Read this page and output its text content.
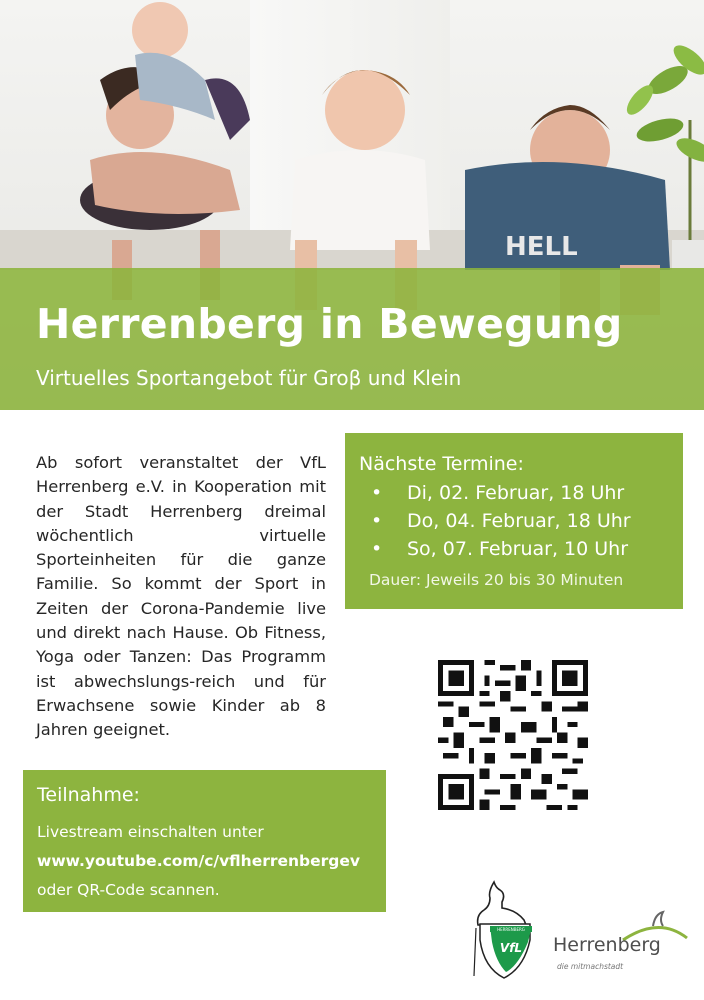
HELL
Herrenberg in Bewegung
Virtuelles Sportangebot für Groβ und Klein

Ab sofort veranstaltet der VfL Herrenberg e.V. in Kooperation mit der Stadt Herrenberg dreimal wöchentlich virtuelle Sporteinheiten für die ganze Familie. So kommt der Sport in Zeiten der Corona-Pandemie live und direkt nach Hause. Ob Fitness, Yoga oder Tanzen: Das Programm ist abwechslungs-reich und für Erwachsene sowie Kinder ab 8 Jahren geeignet.

Nächste Termine:
• Di, 02. Februar, 18 Uhr
• Do, 04. Februar, 18 Uhr
• So, 07. Februar, 10 Uhr
Dauer: Jeweils 20 bis 30 Minuten
Teilnahme:
Livestream einschalten unter
www.youtube.com/c/vflherrenbergev
oder QR-Code scannen.
HERRENBERG
VfL Herrenberg
die mitmachstadt
